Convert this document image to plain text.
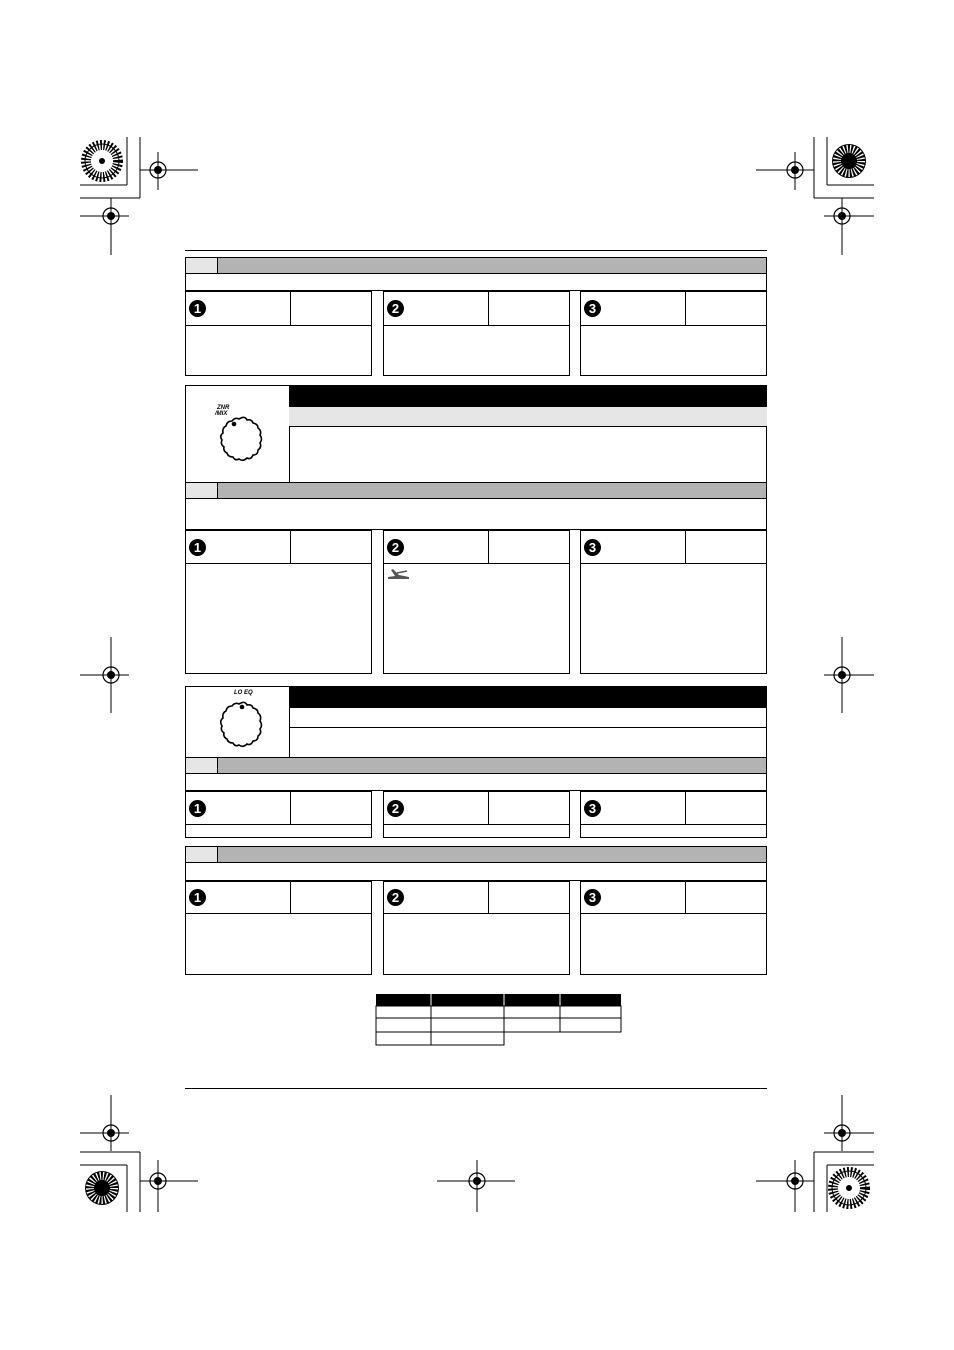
1	2	3
ZNR
/MIX
1	2	3
LO EQ
1	2	3
1	2	3
